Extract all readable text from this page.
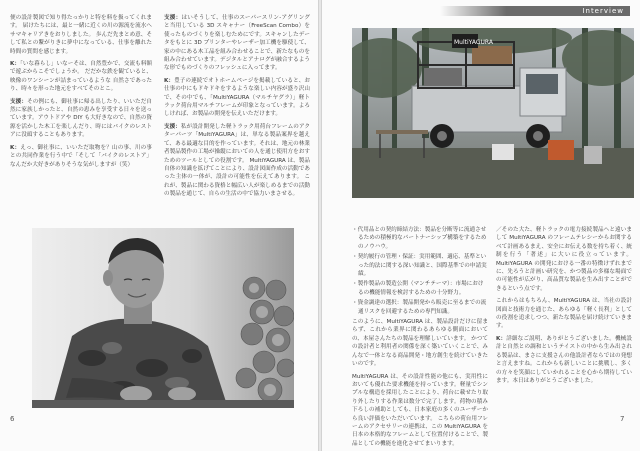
便の設計製図で知り得たっかりと特を料を扱ってくれます。 届けたちには、最と一緒に近くの川の源流を流水へサマキャリアきをおりしました。 歩んだ先まとめ意、そして私との繋がりきに夢中になっている、仕事を離れた時間の質問を感じます。

K：「いな暮らし」いなーそは、自然豊かで、交流も料額で遊ぶからこそでしょうか。 だだかな鉄を観ていると、映像のワンシーンが詰まっているような 自然さであったり、時々を形った地元をすべてそのとこ。

支援：その例にも、御社事に帰る出したり、いいただ自然に家族しかったと、自然の恵みを享受する日々を送っています。アウトドアや DIY も大好きなので、自然の資源を活かした木工を楽しんだり、時にはバイクのレストアに没頭することもあります。

K：えっ、御社事に、いいただ取物を？山の事、川の事との共同作業を行う中で「そして「バイクのレストア」なんだか大好きがありそうな気がしますが（笑）

支援：はいそうして、仕事のスーパースリン-アグリングと当用している 3D スキャナー（FreeScan Combo）を使ったものづくりを楽しむためにです。スキャンしたデータをもとに 3D プリンターやレーザー加工機を駆使して、家の中にある木工品を組み合わせることで、新たなものを組み合わせています。デジタルとアナログが融合するような形でものづくりのフレッシュに入ってます。

K：豊子の連続でオトホームページを掲載していると、お仕事の中にもドキドキをするような楽しい内容が盛り沢山で、その中でも、「MultiYAGURA（マルチヤグラ）」軽トラック荷台用マルチフレームが印象となっています。よろしければ、お製品の開発を伝えいただけます。

支援：私が設計開発した軽トラック用荷台フレームのアクターパーツ「MultiYAGURA」は、単なる製品案界を越えて、ある最適な目的を作っています。それは、地元の林業者製品製作の工場が操縦においての人を通じ使用方をおすためのツールとしての役割です。 MultiYAGURA は、製品自体の知識を拡げてことにより、設計図面作成の活動であった主体の一体が、設計の可能性を伝えてあります。 これが、製品に関わる資格と幅広い人が楽しめるまでの活動の製品を通じて、自らの生活の中で協力いまさせる。

6
Interview
MultiYAGURA
・代用品との契約締結方法：製品を分断等に流通させるための積極的なパートナーシップ構築をするためのノウハウ。
・契約履行の管理・保証：実用範囲、適応、基準といった的法に関する深い知識と、国際基準での申請実績。
・製作製品の製造公開（マンチテーマ）：市場におけるの機能情報を検討するための十分野力。
・資金調達の選択：製品開発から販売に至るまでの流通リスクを回避するための専門知識。

このように、MultiYAGURA は、製品設計だけに留まらず、これから業界に関わるあらゆる側面においての、本屋さんたちの製品を理解しいています。 かつての設計者と利用者の関係を深く築いていくことで、みんなで一体となる商品開発・地方創生を続けていきたいのです。

MultiYAGURA は、その設計性能の他にも、実用性においても優れた要求機能を持っています。軽量でシンプルな構造を採用したことにより、荷台に載せたり取り外したりする作業は数分で完了します。荷物の積み下ろしの補助としても、日本家庭の多くのユーザーから良い評価をいただいています。 こちらの荷台用フレームのアクセサリーの連携は、この MultiYAGURA を日本の本格的なフレームとして位置付けることで、製品としての機能を進化させてまいります。

／そのた大た、軽トラックの電力接続製品へと遠いまして MultiYAGURA のフレームテレシーからお関するべて計画あるまえ、安全にお伝える数を持ち着く、統制を行う「著述」に大いに役立っています。 MultiYAGURA の開発における一番の特徴けずれまでに、先ろうと計画い研究を、かつ製品の多様な場面での可能性が広がり、高品質な製品を生み出すことができるという点です。

これからはもちろん、MultiYAGURA は、当社の設計図面と技術力を通じた、あらゆる「軽く長利」としての役割を追求しつつ、新たな製品を届け続けていきます。

K：詳細なご説明、ありがとうございました。機械設計と自然との調和というテイストの中から生み出される製品は、まさに支援さんの他設計者ならではの発想と言えますね。これからも新しいことに挑戦し、多くの方々を笑顔にしていかれることを心から期待しています。本日はありがとうございました。

7
